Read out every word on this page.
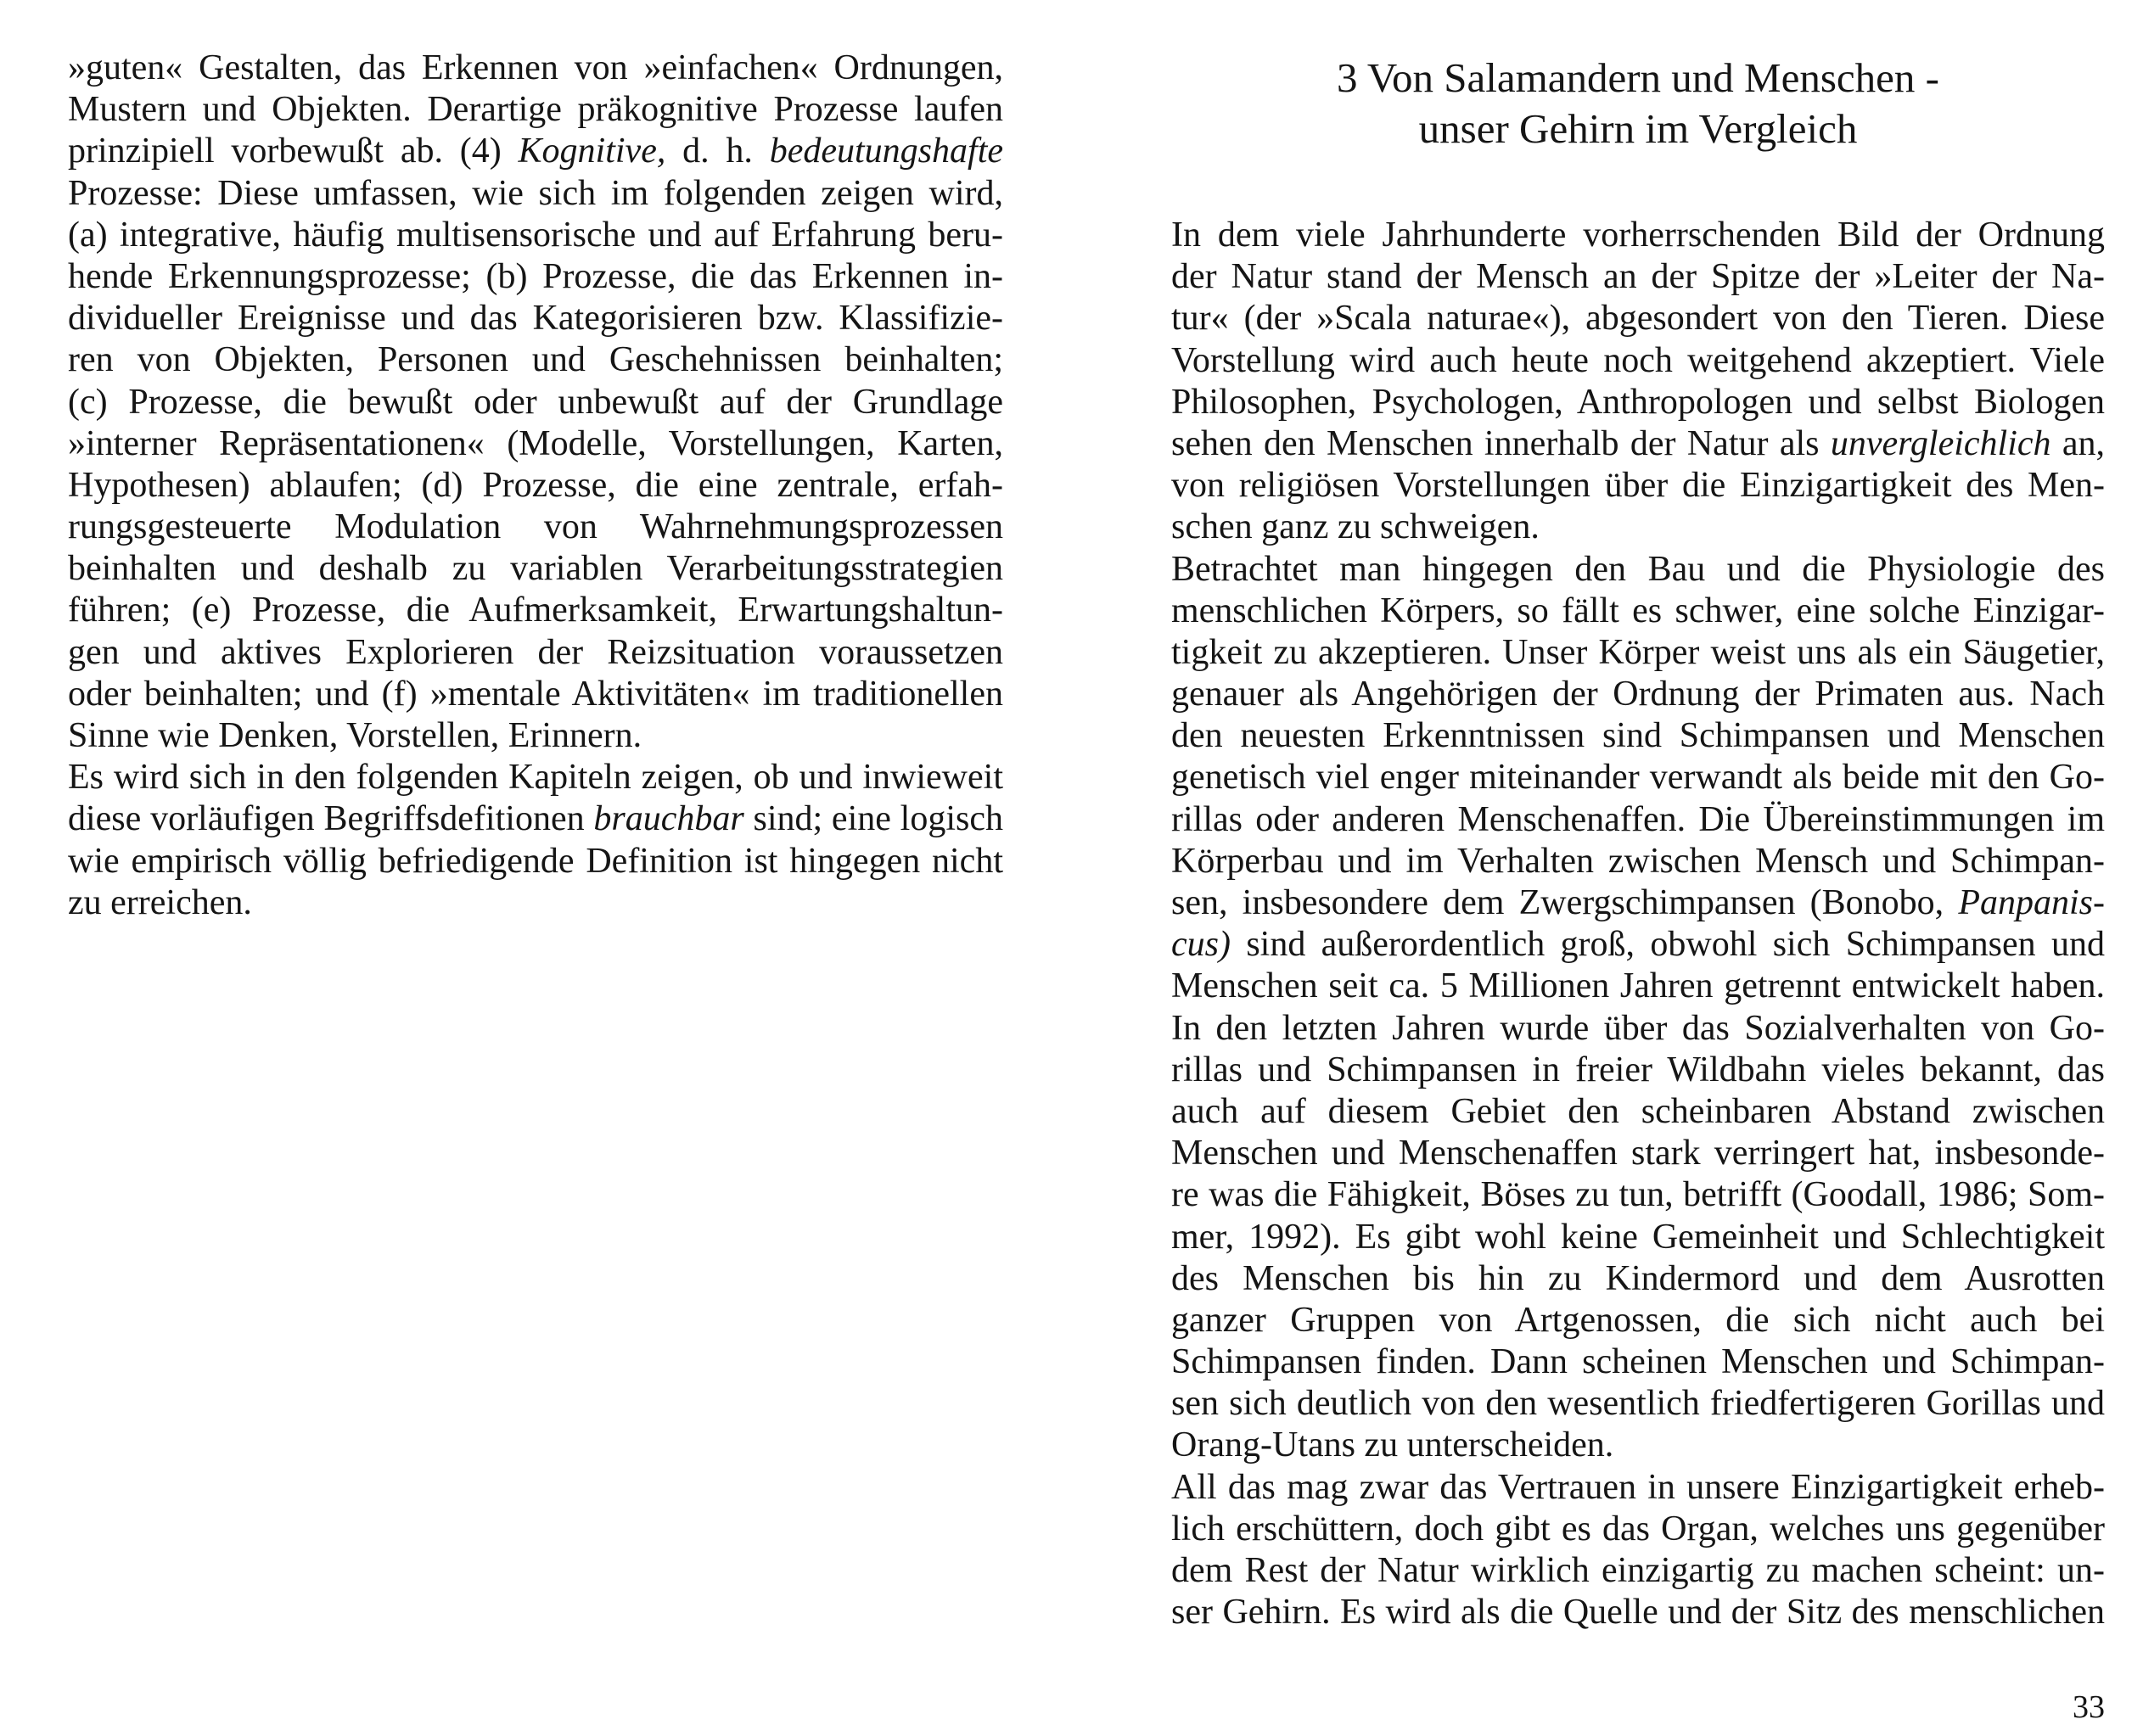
»guten« Gestalten, das Erkennen von »einfachen« Ordnungen,
Mustern und Objekten. Derartige präkognitive Prozesse laufen
prinzipiell vorbewußt ab. (4) Kognitive, d. h. bedeutungshafte
Prozesse: Diese umfassen, wie sich im folgenden zeigen wird,
(a) integrative, häufig multisensorische und auf Erfahrung beru-
hende Erkennungsprozesse; (b) Prozesse, die das Erkennen in-
dividueller Ereignisse und das Kategorisieren bzw. Klassifizie-
ren von Objekten, Personen und Geschehnissen beinhalten;
(c) Prozesse, die bewußt oder unbewußt auf der Grundlage
»interner Repräsentationen« (Modelle, Vorstellungen, Karten,
Hypothesen) ablaufen; (d) Prozesse, die eine zentrale, erfah-
rungsgesteuerte Modulation von Wahrnehmungsprozessen
beinhalten und deshalb zu variablen Verarbeitungsstrategien
führen; (e) Prozesse, die Aufmerksamkeit, Erwartungshaltun-
gen und aktives Explorieren der Reizsituation voraussetzen
oder beinhalten; und (f) »mentale Aktivitäten« im traditionellen
Sinne wie Denken, Vorstellen, Erinnern.
Es wird sich in den folgenden Kapiteln zeigen, ob und inwieweit
diese vorläufigen Begriffsdefitionen brauchbar sind; eine logisch
wie empirisch völlig befriedigende Definition ist hingegen nicht
zu erreichen.
3 Von Salamandern und Menschen -
unser Gehirn im Vergleich
In dem viele Jahrhunderte vorherrschenden Bild der Ordnung
der Natur stand der Mensch an der Spitze der »Leiter der Na-
tur« (der »Scala naturae«), abgesondert von den Tieren. Diese
Vorstellung wird auch heute noch weitgehend akzeptiert. Viele
Philosophen, Psychologen, Anthropologen und selbst Biologen
sehen den Menschen innerhalb der Natur als unvergleichlich an,
von religiösen Vorstellungen über die Einzigartigkeit des Men-
schen ganz zu schweigen.
Betrachtet man hingegen den Bau und die Physiologie des
menschlichen Körpers, so fällt es schwer, eine solche Einzigar-
tigkeit zu akzeptieren. Unser Körper weist uns als ein Säugetier,
genauer als Angehörigen der Ordnung der Primaten aus. Nach
den neuesten Erkenntnissen sind Schimpansen und Menschen
genetisch viel enger miteinander verwandt als beide mit den Go-
rillas oder anderen Menschenaffen. Die Übereinstimmungen im
Körperbau und im Verhalten zwischen Mensch und Schimpan-
sen, insbesondere dem Zwergschimpansen (Bonobo, Panpanis-
cus) sind außerordentlich groß, obwohl sich Schimpansen und
Menschen seit ca. 5 Millionen Jahren getrennt entwickelt haben.
In den letzten Jahren wurde über das Sozialverhalten von Go-
rillas und Schimpansen in freier Wildbahn vieles bekannt, das
auch auf diesem Gebiet den scheinbaren Abstand zwischen
Menschen und Menschenaffen stark verringert hat, insbesonde-
re was die Fähigkeit, Böses zu tun, betrifft (Goodall, 1986; Som-
mer, 1992). Es gibt wohl keine Gemeinheit und Schlechtigkeit
des Menschen bis hin zu Kindermord und dem Ausrotten
ganzer Gruppen von Artgenossen, die sich nicht auch bei
Schimpansen finden. Dann scheinen Menschen und Schimpan-
sen sich deutlich von den wesentlich friedfertigeren Gorillas und
Orang-Utans zu unterscheiden.
All das mag zwar das Vertrauen in unsere Einzigartigkeit erheb-
lich erschüttern, doch gibt es das Organ, welches uns gegenüber
dem Rest der Natur wirklich einzigartig zu machen scheint: un-
ser Gehirn. Es wird als die Quelle und der Sitz des menschlichen
33
